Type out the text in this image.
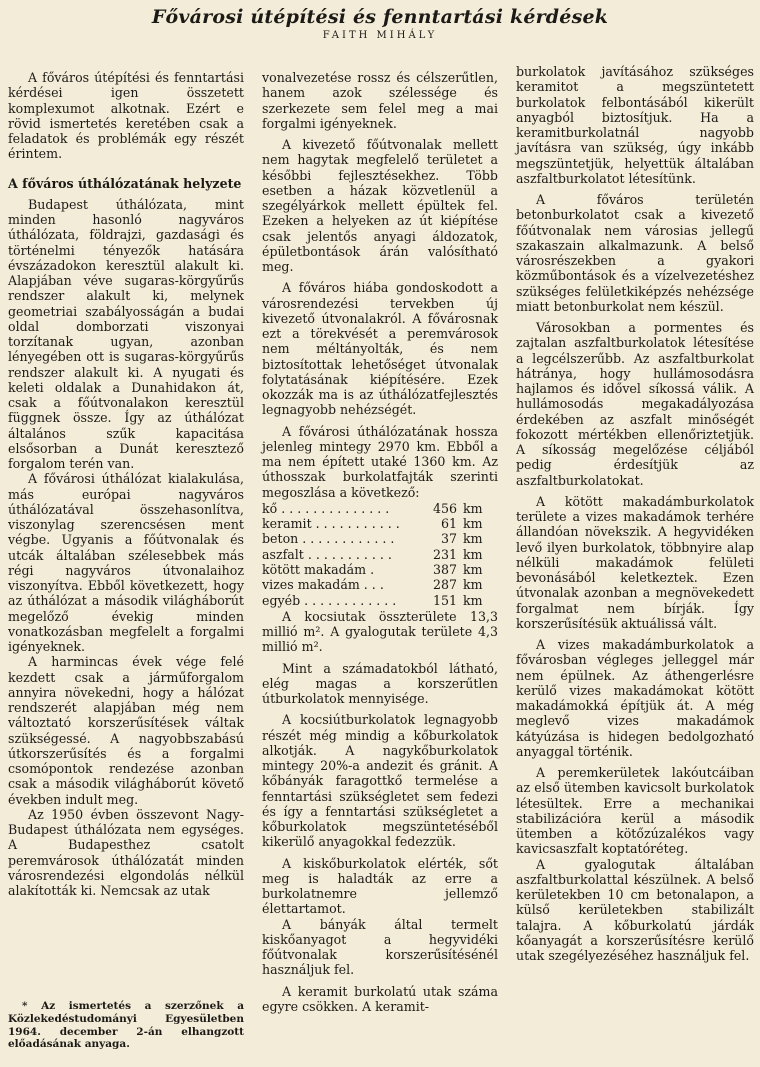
Fővárosi útépítési és fenntartási kérdések
FAITH MIHÁLY

A főváros útépítési és fenntartási kérdései igen összetett komplexumot alkotnak. Ezért e rövid ismertetés keretében csak a feladatok és problémák egy részét érintem.

A főváros úthálózatának helyzete

Budapest úthálózata, mint minden hasonló nagyváros úthálózata, földrajzi, gazdasági és történelmi tényezők hatására évszázadokon keresztül alakult ki. Alapjában véve sugaras-körgyűrűs rendszer alakult ki, melynek geometriai szabályosságán a budai oldal domborzati viszonyai torzítanak ugyan, azonban lényegében ott is sugaras-körgyűrűs rendszer alakult ki. A nyugati és keleti oldalak a Dunahidakon át, csak a főútvonalakon keresztül függnek össze. Így az úthálózat általános szűk kapacitása elsősorban a Dunát keresztező forgalom terén van.

A fővárosi úthálózat kialakulása, más európai nagyváros úthálózatával összehasonlítva, viszonylag szerencsésen ment végbe. Ugyanis a főútvonalak és utcák általában szélesebbek más régi nagyváros útvonalaihoz viszonyítva. Ebből következett, hogy az úthálózat a második világháborút megelőző évekig minden vonatkozásban megfelelt a forgalmi igényeknek.

A harmincas évek vége felé kezdett csak a járműforgalom annyira növekedni, hogy a hálózat rendszerét alapjában még nem változtató korszerűsítések váltak szükségessé. A nagyobbszabású útkorszerűsítés és a forgalmi csomópontok rendezése azonban csak a második világháborút követő években indult meg.

Az 1950 évben összevont Nagy-Budapest úthálózata nem egységes. A Budapesthez csatolt peremvárosok úthálózatát minden városrendezési elgondolás nélkül alakították ki. Nemcsak az utak

* Az ismertetés a szerzőnek a Közlekedéstudományi Egyesületben 1964. december 2-án elhangzott előadásának anyaga.

vonalvezetése rossz és célszerűtlen, hanem azok szélessége és szerkezete sem felel meg a mai forgalmi igényeknek.

A kivezető főútvonalak mellett nem hagytak megfelelő területet a későbbi fejlesztésekhez. Több esetben a házak közvetlenül a szegélyárkok mellett épültek fel. Ezeken a helyeken az út kiépítése csak jelentős anyagi áldozatok, épületbontások árán valósítható meg.

A főváros hiába gondoskodott a városrendezési tervekben új kivezető útvonalakról. A fővárosnak ezt a törekvését a peremvárosok nem méltányolták, és nem biztosítottak lehetőséget útvonalak folytatásának kiépítésére. Ezek okozzák ma is az úthálózatfejlesztés legnagyobb nehézségét.

A fővárosi úthálózatának hossza jelenleg mintegy 2970 km. Ebből a ma nem épített utaké 1360 km. Az úthosszak burkolatfajták szerinti megoszlása a következő:

kő . . . . . . . . . . . . . .	456	km
keramit . . . . . . . . . . .	61	km
beton . . . . . . . . . . . .	37	km
aszfalt . . . . . . . . . . .	231	km
kötött makadám .	387	km
vizes makadám . . .	287	km
egyéb . . . . . . . . . . . .	151	km

A kocsiutak összterülete 13,3 millió m². A gyalogutak területe 4,3 millió m².

Mint a számadatokból látható, elég magas a korszerűtlen útburkolatok mennyisége.

A kocsiútburkolatok legnagyobb részét még mindig a kőburkolatok alkotják. A nagykőburkolatok mintegy 20%-a andezit és gránit. A kőbányák faragottkő termelése a fenntartási szükségletet sem fedezi és így a fenntartási szükségletet a kőburkolatok megszüntetéséből kikerülő anyagokkal fedezzük.

A kiskőburkolatok elérték, sőt meg is haladták az erre a burkolatnemre jellemző élettartamot.

A bányák által termelt kiskőanyagot a hegyvidéki főútvonalak korszerűsítésénél használjuk fel.

A keramit burkolatú utak száma egyre csökken. A keramit-

burkolatok javításához szükséges keramitot a megszüntetett burkolatok felbontásából kikerült anyagból biztosítjuk. Ha a keramitburkolatnál nagyobb javításra van szükség, úgy inkább megszüntetjük, helyettük általában aszfaltburkolatot létesítünk.

A főváros területén betonburkolatot csak a kivezető főútvonalak nem városias jellegű szakaszain alkalmazunk. A belső városrészekben a gyakori közműbontások és a vízelvezetéshez szükséges felületkiképzés nehézsége miatt betonburkolat nem készül.

Városokban a pormentes és zajtalan aszfaltburkolatok létesítése a legcélszerűbb. Az aszfaltburkolat hátránya, hogy hullámosodásra hajlamos és idővel síkossá válik. A hullámosodás megakadályozása érdekében az aszfalt minőségét fokozott mértékben ellenőriztetjük. A síkosság megelőzése céljából pedig érdesítjük az aszfaltburkolatokat.

A kötött makadámburkolatok területe a vizes makadámok terhére állandóan növekszik. A hegyvidéken levő ilyen burkolatok, többnyire alap nélküli makadámok felületi bevonásából keletkeztek. Ezen útvonalak azonban a megnövekedett forgalmat nem bírják. Így korszerűsítésük aktuálissá vált.

A vizes makadámburkolatok a fővárosban végleges jelleggel már nem épülnek. Az áthengerlésre kerülő vizes makadámokat kötött makadámokká építjük át. A még meglevő vizes makadámok kátyúzása is hidegen bedolgozható anyaggal történik.

A peremkerületek lakóutcáiban az első ütemben kavicsolt burkolatok létesültek. Erre a mechanikai stabilizációra kerül a második ütemben a kötőzúzalékos vagy kavicsaszfalt koptatóréteg.

A gyalogutak általában aszfaltburkolattal készülnek. A belső kerületekben 10 cm betonalapon, a külső kerületekben stabilizált talajra. A kőburkolatú járdák kőanyagát a korszerűsítésre kerülő utak szegélyezéséhez használjuk fel.
